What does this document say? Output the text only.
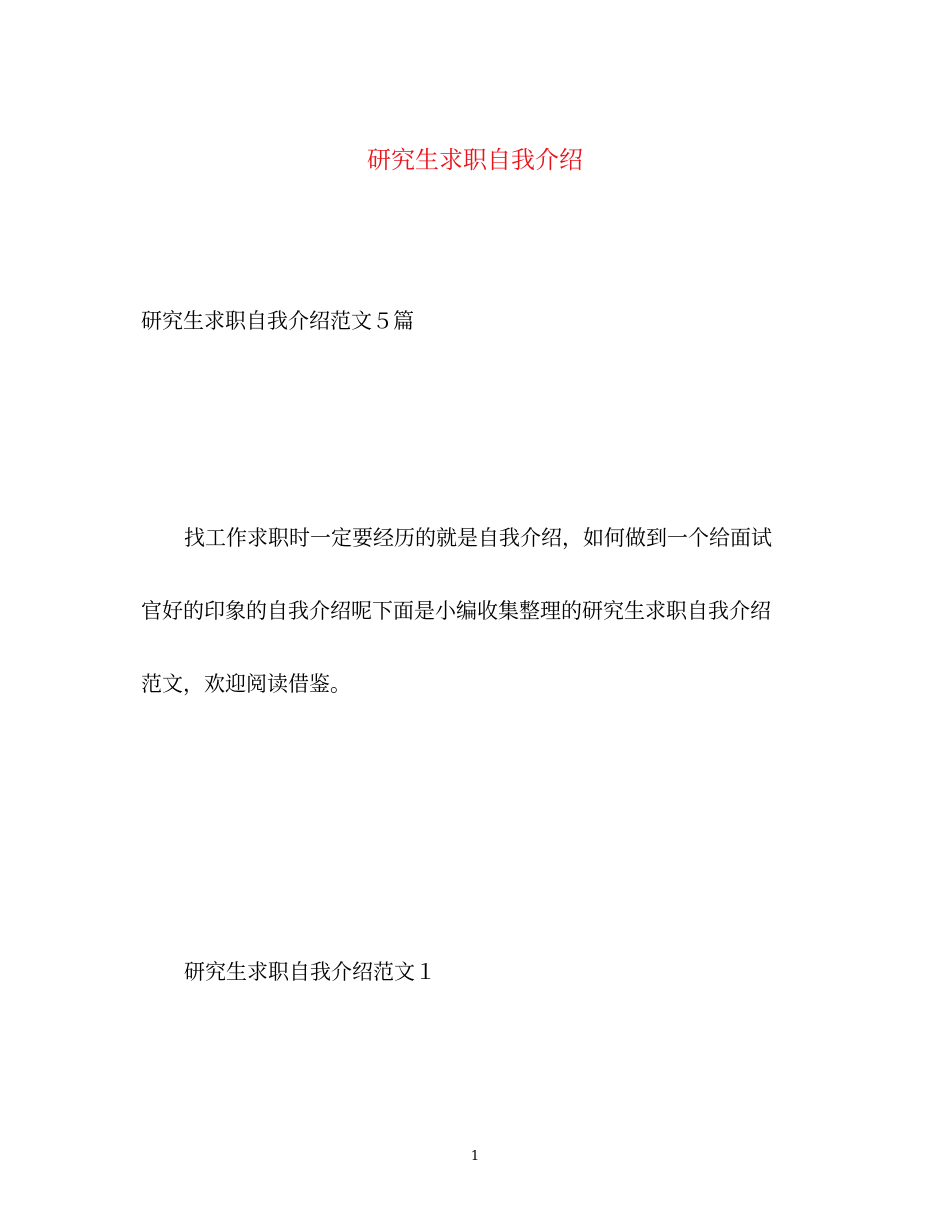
研究生求职自我介绍
研究生求职自我介绍范文５篇
找工作求职时一定要经历的就是自我介绍，如何做到一个给面试
官好的印象的自我介绍呢下面是小编收集整理的研究生求职自我介绍
范文，欢迎阅读借鉴。
研究生求职自我介绍范文１
1
